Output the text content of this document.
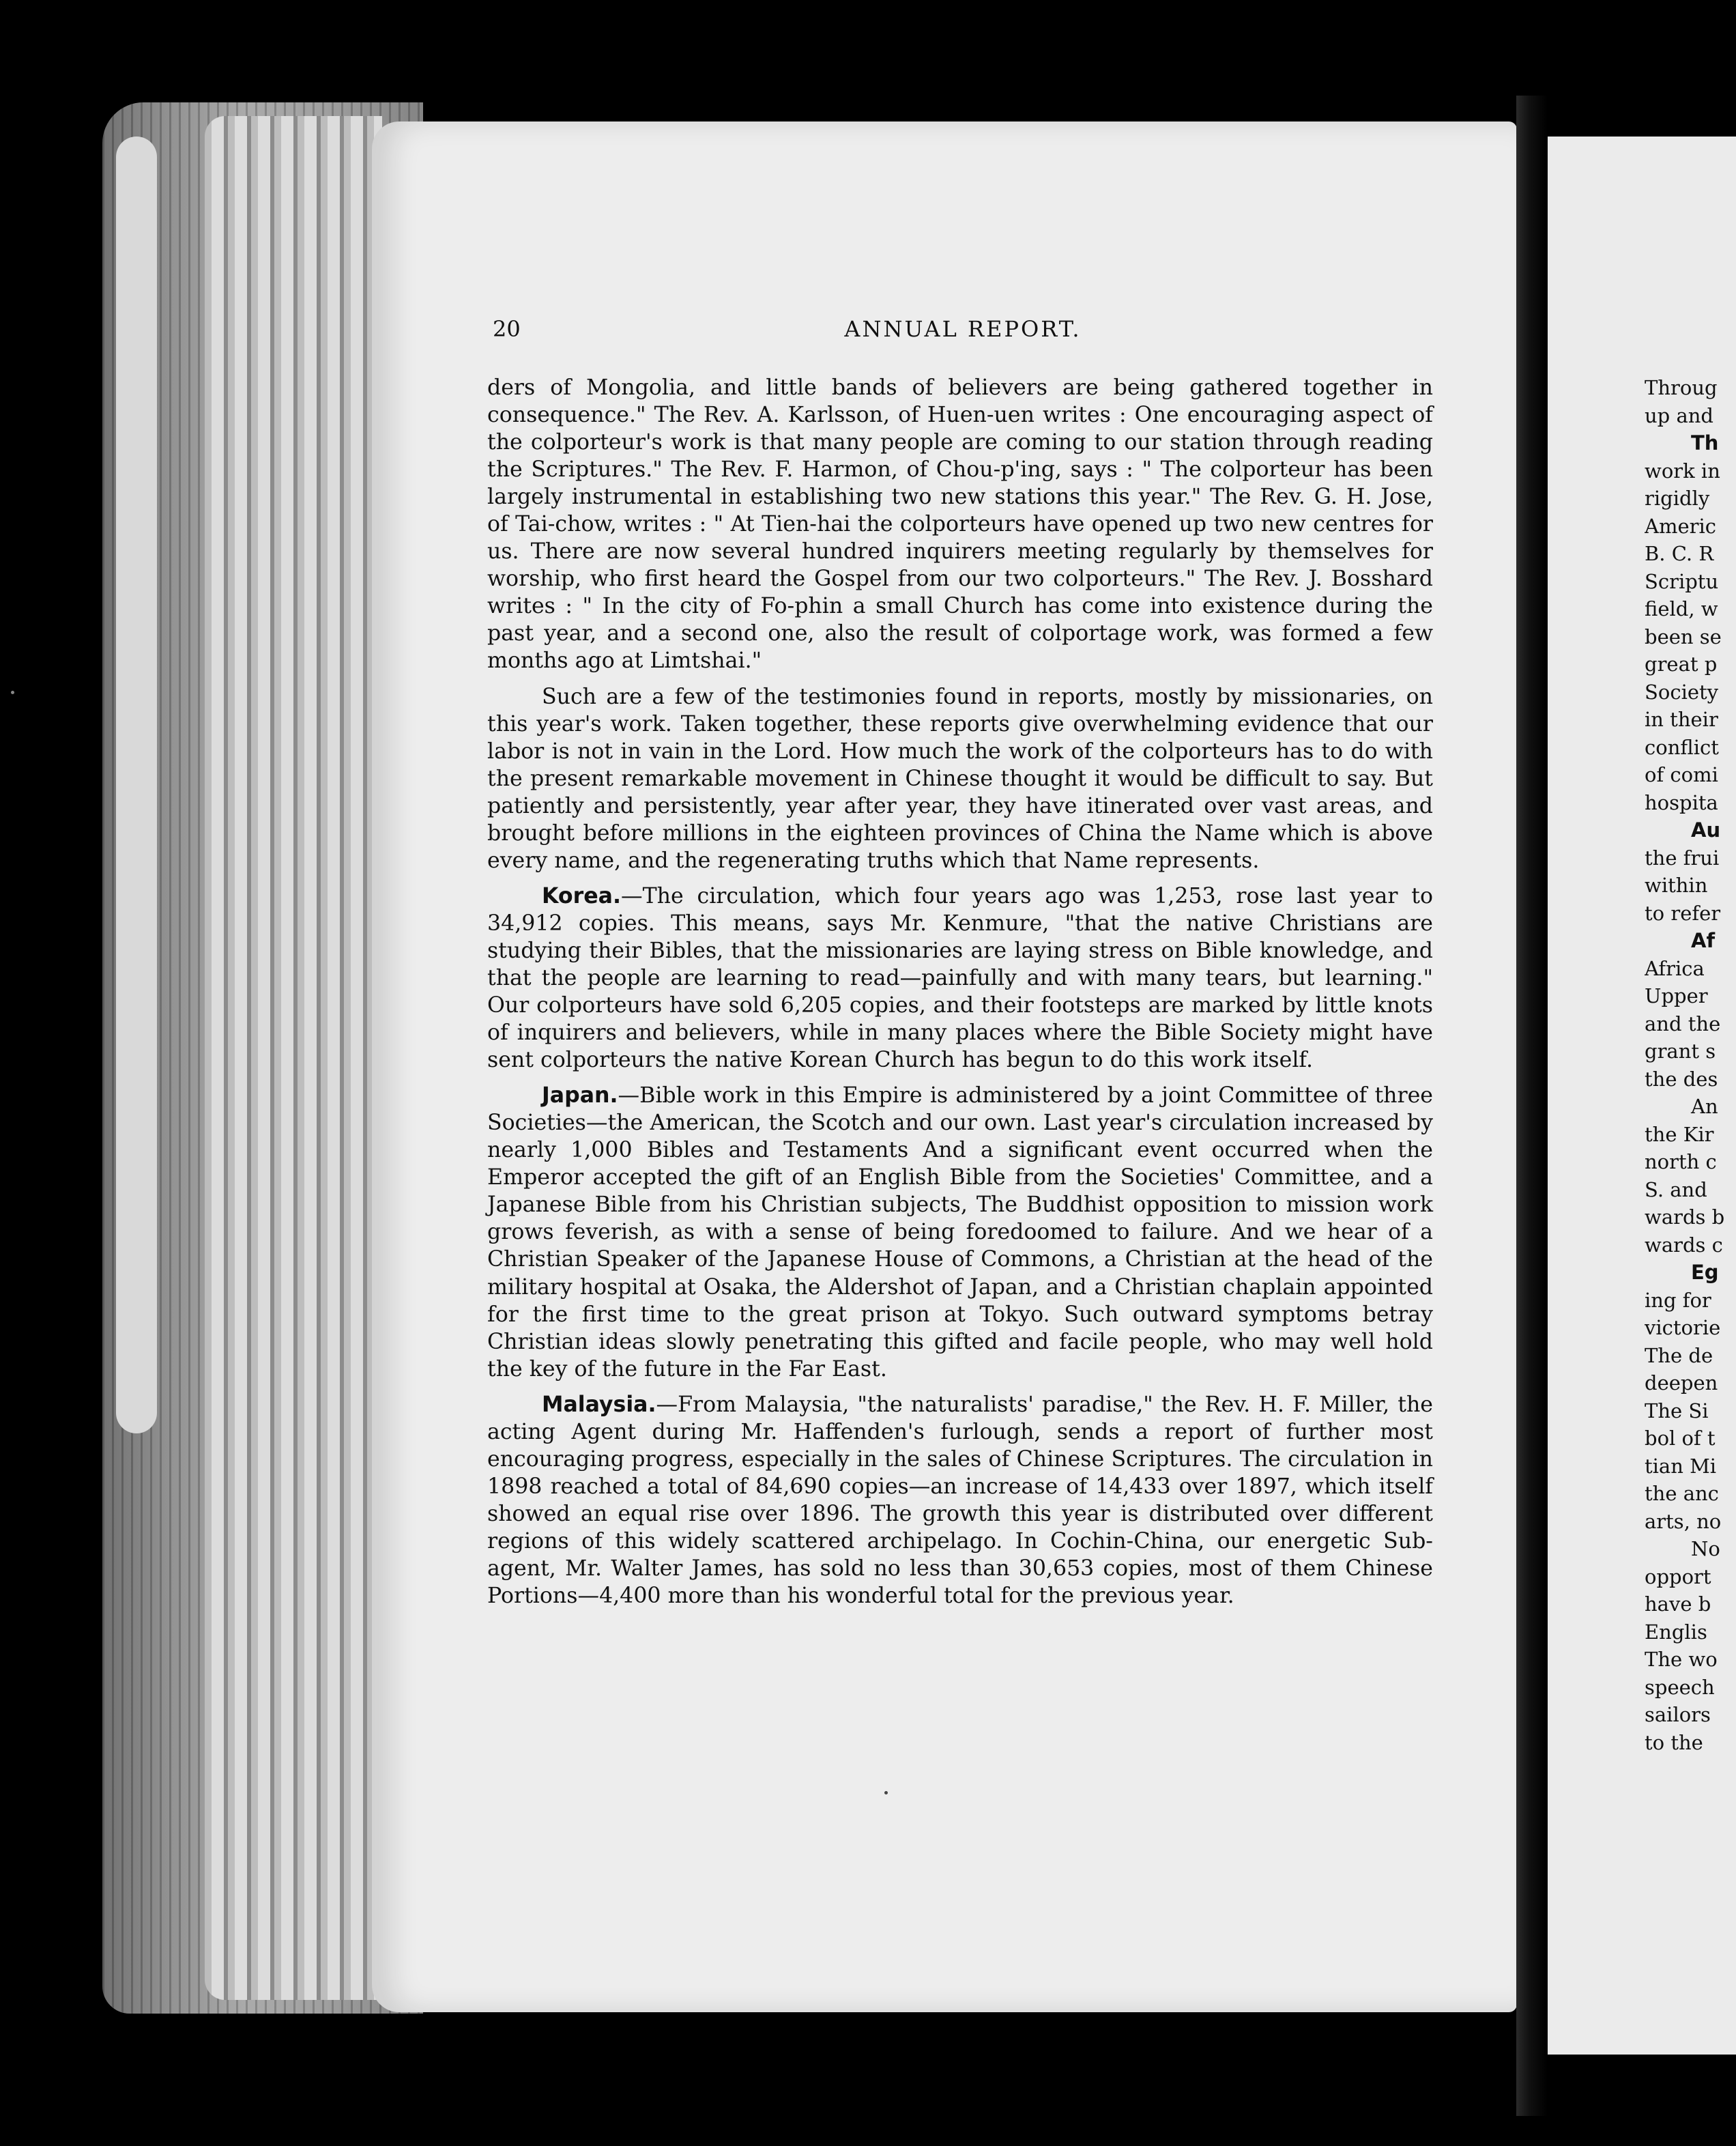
20	ANNUAL REPORT.

ders of Mongolia, and little bands of believers are being gathered together in consequence." The Rev. A. Karlsson, of Huen-uen writes : One encouraging aspect of the colporteur's work is that many people are coming to our station through reading the Scriptures." The Rev. F. Harmon, of Chou-p'ing, says : " The colporteur has been largely instrumental in establishing two new stations this year." The Rev. G. H. Jose, of Tai-chow, writes : " At Tien-hai the colporteurs have opened up two new centres for us. There are now several hundred inquirers meeting regularly by themselves for worship, who first heard the Gospel from our two colporteurs." The Rev. J. Bosshard writes : " In the city of Fo-phin a small Church has come into existence during the past year, and a second one, also the result of colportage work, was formed a few months ago at Limtshai."

Such are a few of the testimonies found in reports, mostly by missionaries, on this year's work. Taken together, these reports give overwhelming evidence that our labor is not in vain in the Lord. How much the work of the colporteurs has to do with the present remarkable movement in Chinese thought it would be difficult to say. But patiently and persistently, year after year, they have itinerated over vast areas, and brought before millions in the eighteen provinces of China the Name which is above every name, and the regenerating truths which that Name represents.

Korea.—The circulation, which four years ago was 1,253, rose last year to 34,912 copies. This means, says Mr. Kenmure, "that the native Christians are studying their Bibles, that the missionaries are laying stress on Bible knowledge, and that the people are learning to read—painfully and with many tears, but learning." Our colporteurs have sold 6,205 copies, and their footsteps are marked by little knots of inquirers and believers, while in many places where the Bible Society might have sent colporteurs the native Korean Church has begun to do this work itself.

Japan.—Bible work in this Empire is administered by a joint Committee of three Societies—the American, the Scotch and our own. Last year's circulation increased by nearly 1,000 Bibles and Testaments And a significant event occurred when the Emperor accepted the gift of an English Bible from the Societies' Committee, and a Japanese Bible from his Christian subjects, The Buddhist opposition to mission work grows feverish, as with a sense of being foredoomed to failure. And we hear of a Christian Speaker of the Japanese House of Commons, a Christian at the head of the military hospital at Osaka, the Aldershot of Japan, and a Christian chaplain appointed for the first time to the great prison at Tokyo. Such outward symptoms betray Christian ideas slowly penetrating this gifted and facile people, who may well hold the key of the future in the Far East.

Malaysia.—From Malaysia, "the naturalists' paradise," the Rev. H. F. Miller, the acting Agent during Mr. Haffenden's furlough, sends a report of further most encouraging progress, especially in the sales of Chinese Scriptures. The circulation in 1898 reached a total of 84,690 copies—an increase of 14,433 over 1897, which itself showed an equal rise over 1896. The growth this year is distributed over different regions of this widely scattered archipelago. In Cochin-China, our energetic Sub-agent, Mr. Walter James, has sold no less than 30,653 copies, most of them Chinese Portions—4,400 more than his wonderful total for the previous year.

Throug
up and
Th
work in
rigidly
Americ
B. C. R
Scriptu
field, w
been se
great p
Society
in their
conflict
of comi
hospita
Au
the frui
within
to refer
Af
Africa
Upper
and the
grant s
the des
An
the Kir
north c
S. and
wards b
wards c
Eg
ing for
victorie
The de
deepen
The Si
bol of t
tian Mi
the anc
arts, no
No
opport
have b
Englis
The wo
speech
sailors
to the
